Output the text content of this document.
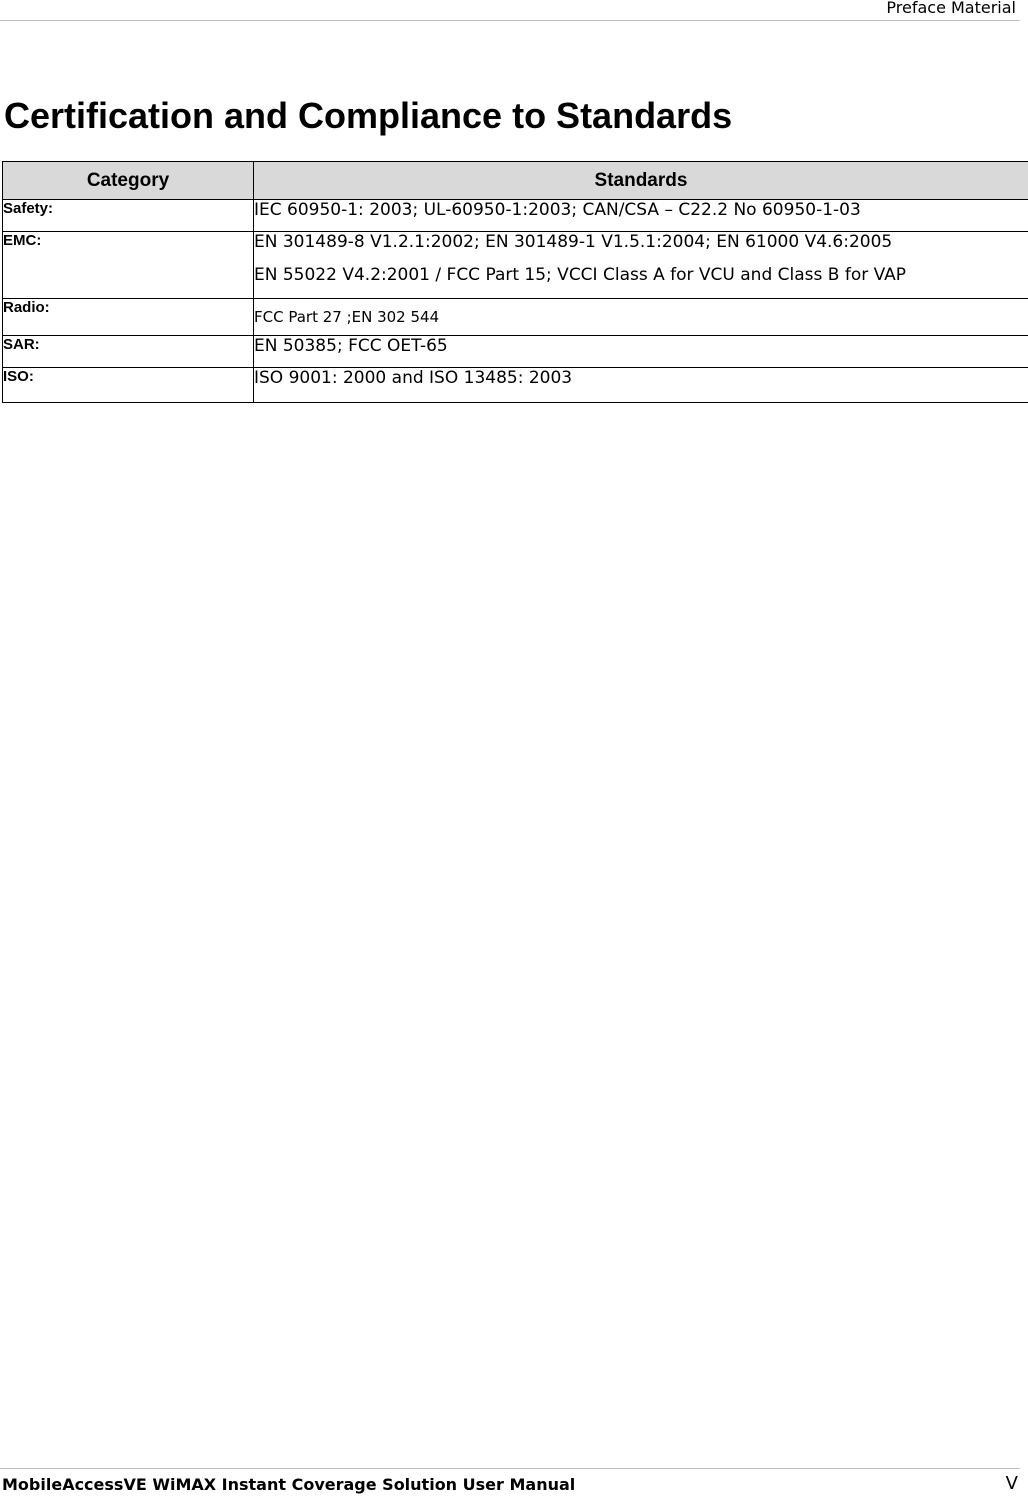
Preface Material
Certification and Compliance to Standards
Category	Standards
Safety:	IEC 60950-1: 2003; UL-60950-1:2003; CAN/CSA – C22.2 No 60950-1-03

EMC:	EN 301489-8 V1.2.1:2002; EN 301489-1 V1.5.1:2004; EN 61000 V4.6:2005
EN 55022 V4.2:2001 / FCC Part 15; VCCI Class A for VCU and Class B for VAP

Radio:	FCC Part 27 ;EN 302 544

SAR:	EN 50385; FCC OET-65

ISO:	ISO 9001: 2000 and ISO 13485: 2003
MobileAccessVE WiMAX Instant Coverage Solution User Manual	V
